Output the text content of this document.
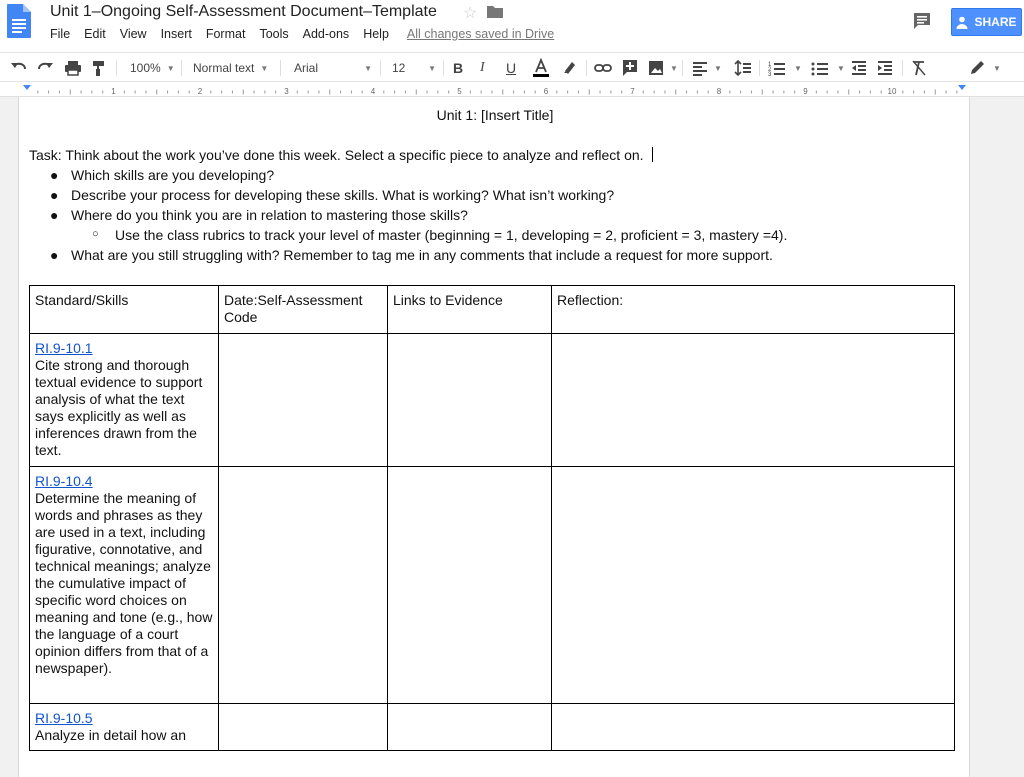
Unit 1–Ongoing Self-Assessment Document–Template ☆
File Edit View Insert Format Tools Add-ons Help All changes saved in Drive
SHARE
100% ▼ Normal text ▼ Arial	▼ 12	▼ B I U	▼	▼	1
2
3
▼	▼	▼
1	2	3	4	5	6	7	8	9	10
Unit 1: [Insert Title]
Task: Think about the work you’ve done this week. Select a specific piece to analyze and reflect on.
● Which skills are you developing?
● Describe your process for developing these skills. What is working? What isn’t working?
● Where do you think you are in relation to mastering those skills?
○ Use the class rubrics to track your level of master (beginning = 1, developing = 2, proficient = 3, mastery =4).
● What are you still struggling with? Remember to tag me in any comments that include a request for more support.
Standard/Skills	Date:Self-Assessment Code	Links to Evidence	Reflection:

RI.9-10.1
Cite strong and thorough textual evidence to support analysis of what the text says explicitly as well as inferences drawn from the text.			

RI.9-10.4
Determine the meaning of words and phrases as they are used in a text, including figurative, connotative, and technical meanings; analyze the cumulative impact of specific word choices on meaning and tone (e.g., how the language of a court opinion differs from that of a newspaper).			

RI.9-10.5
Analyze in detail how an			
